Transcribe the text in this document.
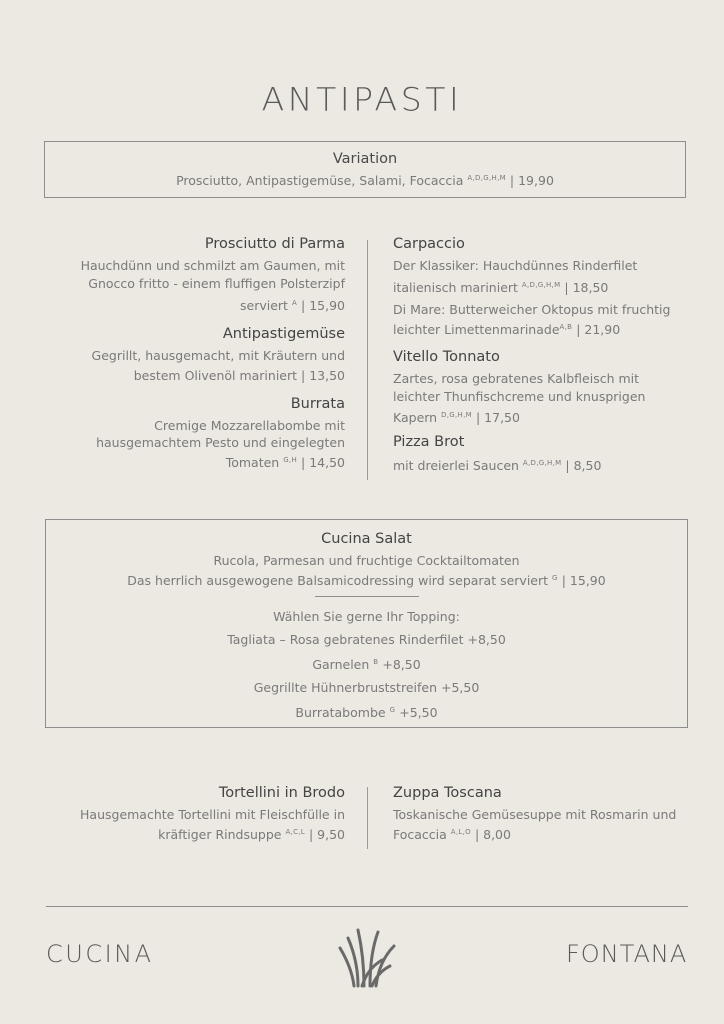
ANTIPASTI
Variation
Prosciutto, Antipastigemüse, Salami, Focaccia $^{A,D,G,H,M}$ | 19,90
Prosciutto di Parma
Hauchdünn und schmilzt am Gaumen, mit
Gnocco fritto - einem fluffigen Polsterzipf
serviert $^A$ | 15,90
Antipastigemüse
Gegrillt, hausgemacht, mit Kräutern und
bestem Olivenöl mariniert | 13,50
Burrata
Cremige Mozzarellabombe mit
hausgemachtem Pesto und eingelegten
Tomaten $^{G,H}$ | 14,50
Carpaccio
Der Klassiker: Hauchdünnes Rinderfilet
italienisch mariniert $^{A,D,G,H,M}$ | 18,50
Di Mare: Butterweicher Oktopus mit fruchtig
leichter Limettenmarinade$^{A,B}$ | 21,90
Vitello Tonnato
Zartes, rosa gebratenes Kalbfleisch mit
leichter Thunfischcreme und knusprigen
Kapern $^{D,G,H,M}$ | 17,50
Pizza Brot
mit dreierlei Saucen $^{A,D,G,H,M}$ | 8,50
Cucina Salat
Rucola, Parmesan und fruchtige Cocktailtomaten
Das herrlich ausgewogene Balsamicodressing wird separat serviert $^G$ | 15,90
Wählen Sie gerne Ihr Topping:
Tagliata – Rosa gebratenes Rinderfilet +8,50
Garnelen $^B$ +8,50
Gegrillte Hühnerbruststreifen +5,50
Burratabombe $^G$ +5,50
Tortellini in Brodo
Hausgemachte Tortellini mit Fleischfülle in
kräftiger Rindsuppe $^{A,C,L}$ | 9,50
Zuppa Toscana
Toskanische Gemüsesuppe mit Rosmarin und
Focaccia $^{A,L,O}$ | 8,00
CUCINA	FONTANA
